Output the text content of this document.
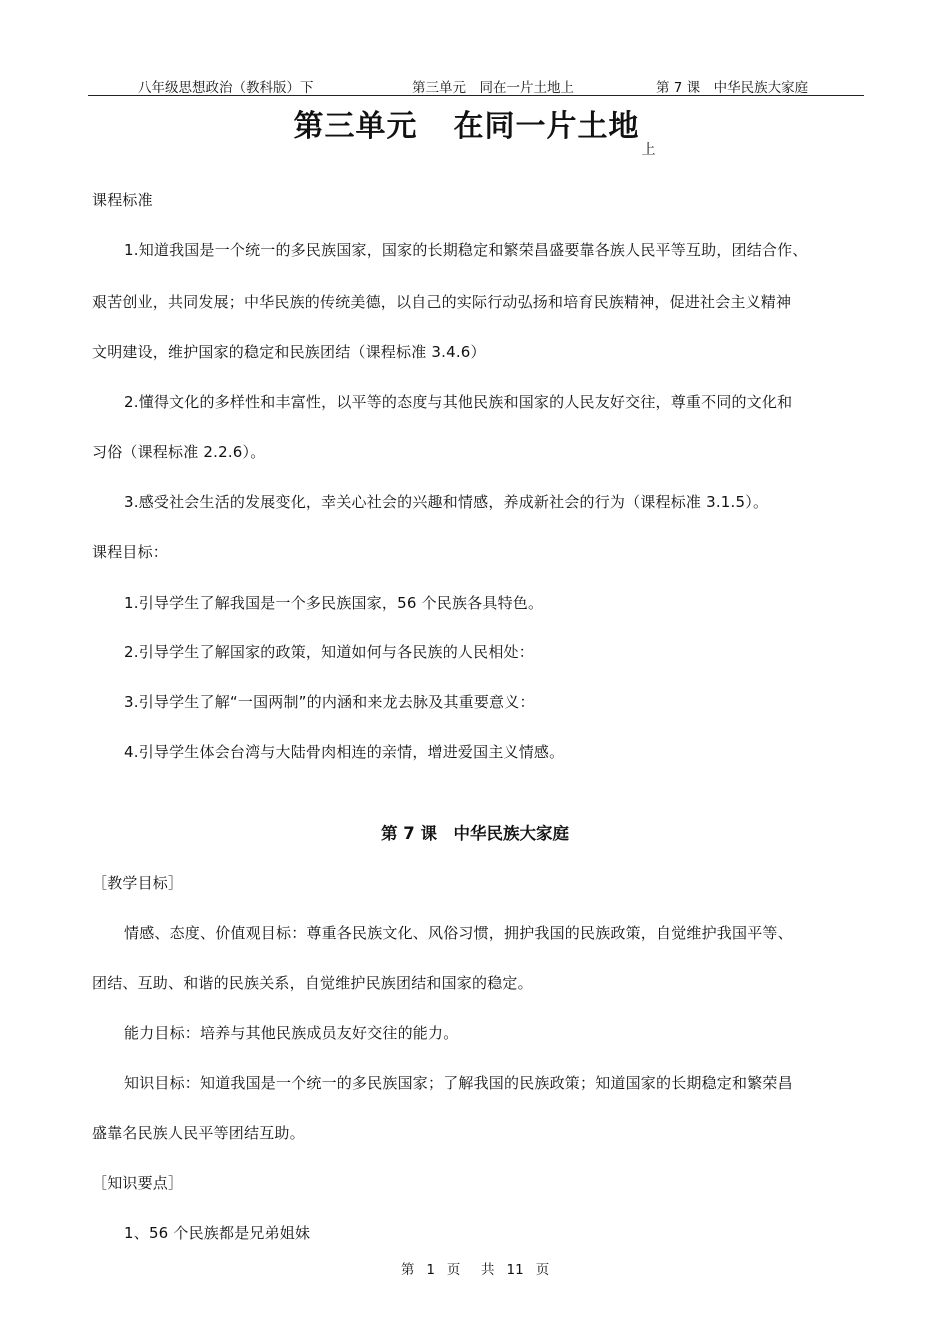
八年级思想政治（教科版）下	第三单元　同在一片土地上	第 7 课　中华民族大家庭
第三单元 在同一片土地$_上$
课程标准
1.知道我国是一个统一的多民族国家，国家的长期稳定和繁荣昌盛要靠各族人民平等互助，团结合作、
艰苦创业，共同发展；中华民族的传统美德，以自己的实际行动弘扬和培育民族精神，促进社会主义精神
文明建设，维护国家的稳定和民族团结（课程标准 3.4.6）
2.懂得文化的多样性和丰富性，以平等的态度与其他民族和国家的人民友好交往，尊重不同的文化和
习俗（课程标准 2.2.6）。
3.感受社会生活的发展变化，幸关心社会的兴趣和情感，养成新社会的行为（课程标准 3.1.5）。
课程目标：
1.引导学生了解我国是一个多民族国家，56 个民族各具特色。
2.引导学生了解国家的政策，知道如何与各民族的人民相处：
3.引导学生了解“一国两制”的内涵和来龙去脉及其重要意义：
4.引导学生体会台湾与大陆骨肉相连的亲情，增进爱国主义情感。
第 7 课　中华民族大家庭
［教学目标］
情感、态度、价值观目标：尊重各民族文化、风俗习惯，拥护我国的民族政策，自觉维护我国平等、
团结、互助、和谐的民族关系，自觉维护民族团结和国家的稳定。
能力目标：培养与其他民族成员友好交往的能力。
知识目标：知道我国是一个统一的多民族国家；了解我国的民族政策；知道国家的长期稳定和繁荣昌
盛靠名民族人民平等团结互助。
［知识要点］
1、56 个民族都是兄弟姐妹
第 1 页 共 11 页
